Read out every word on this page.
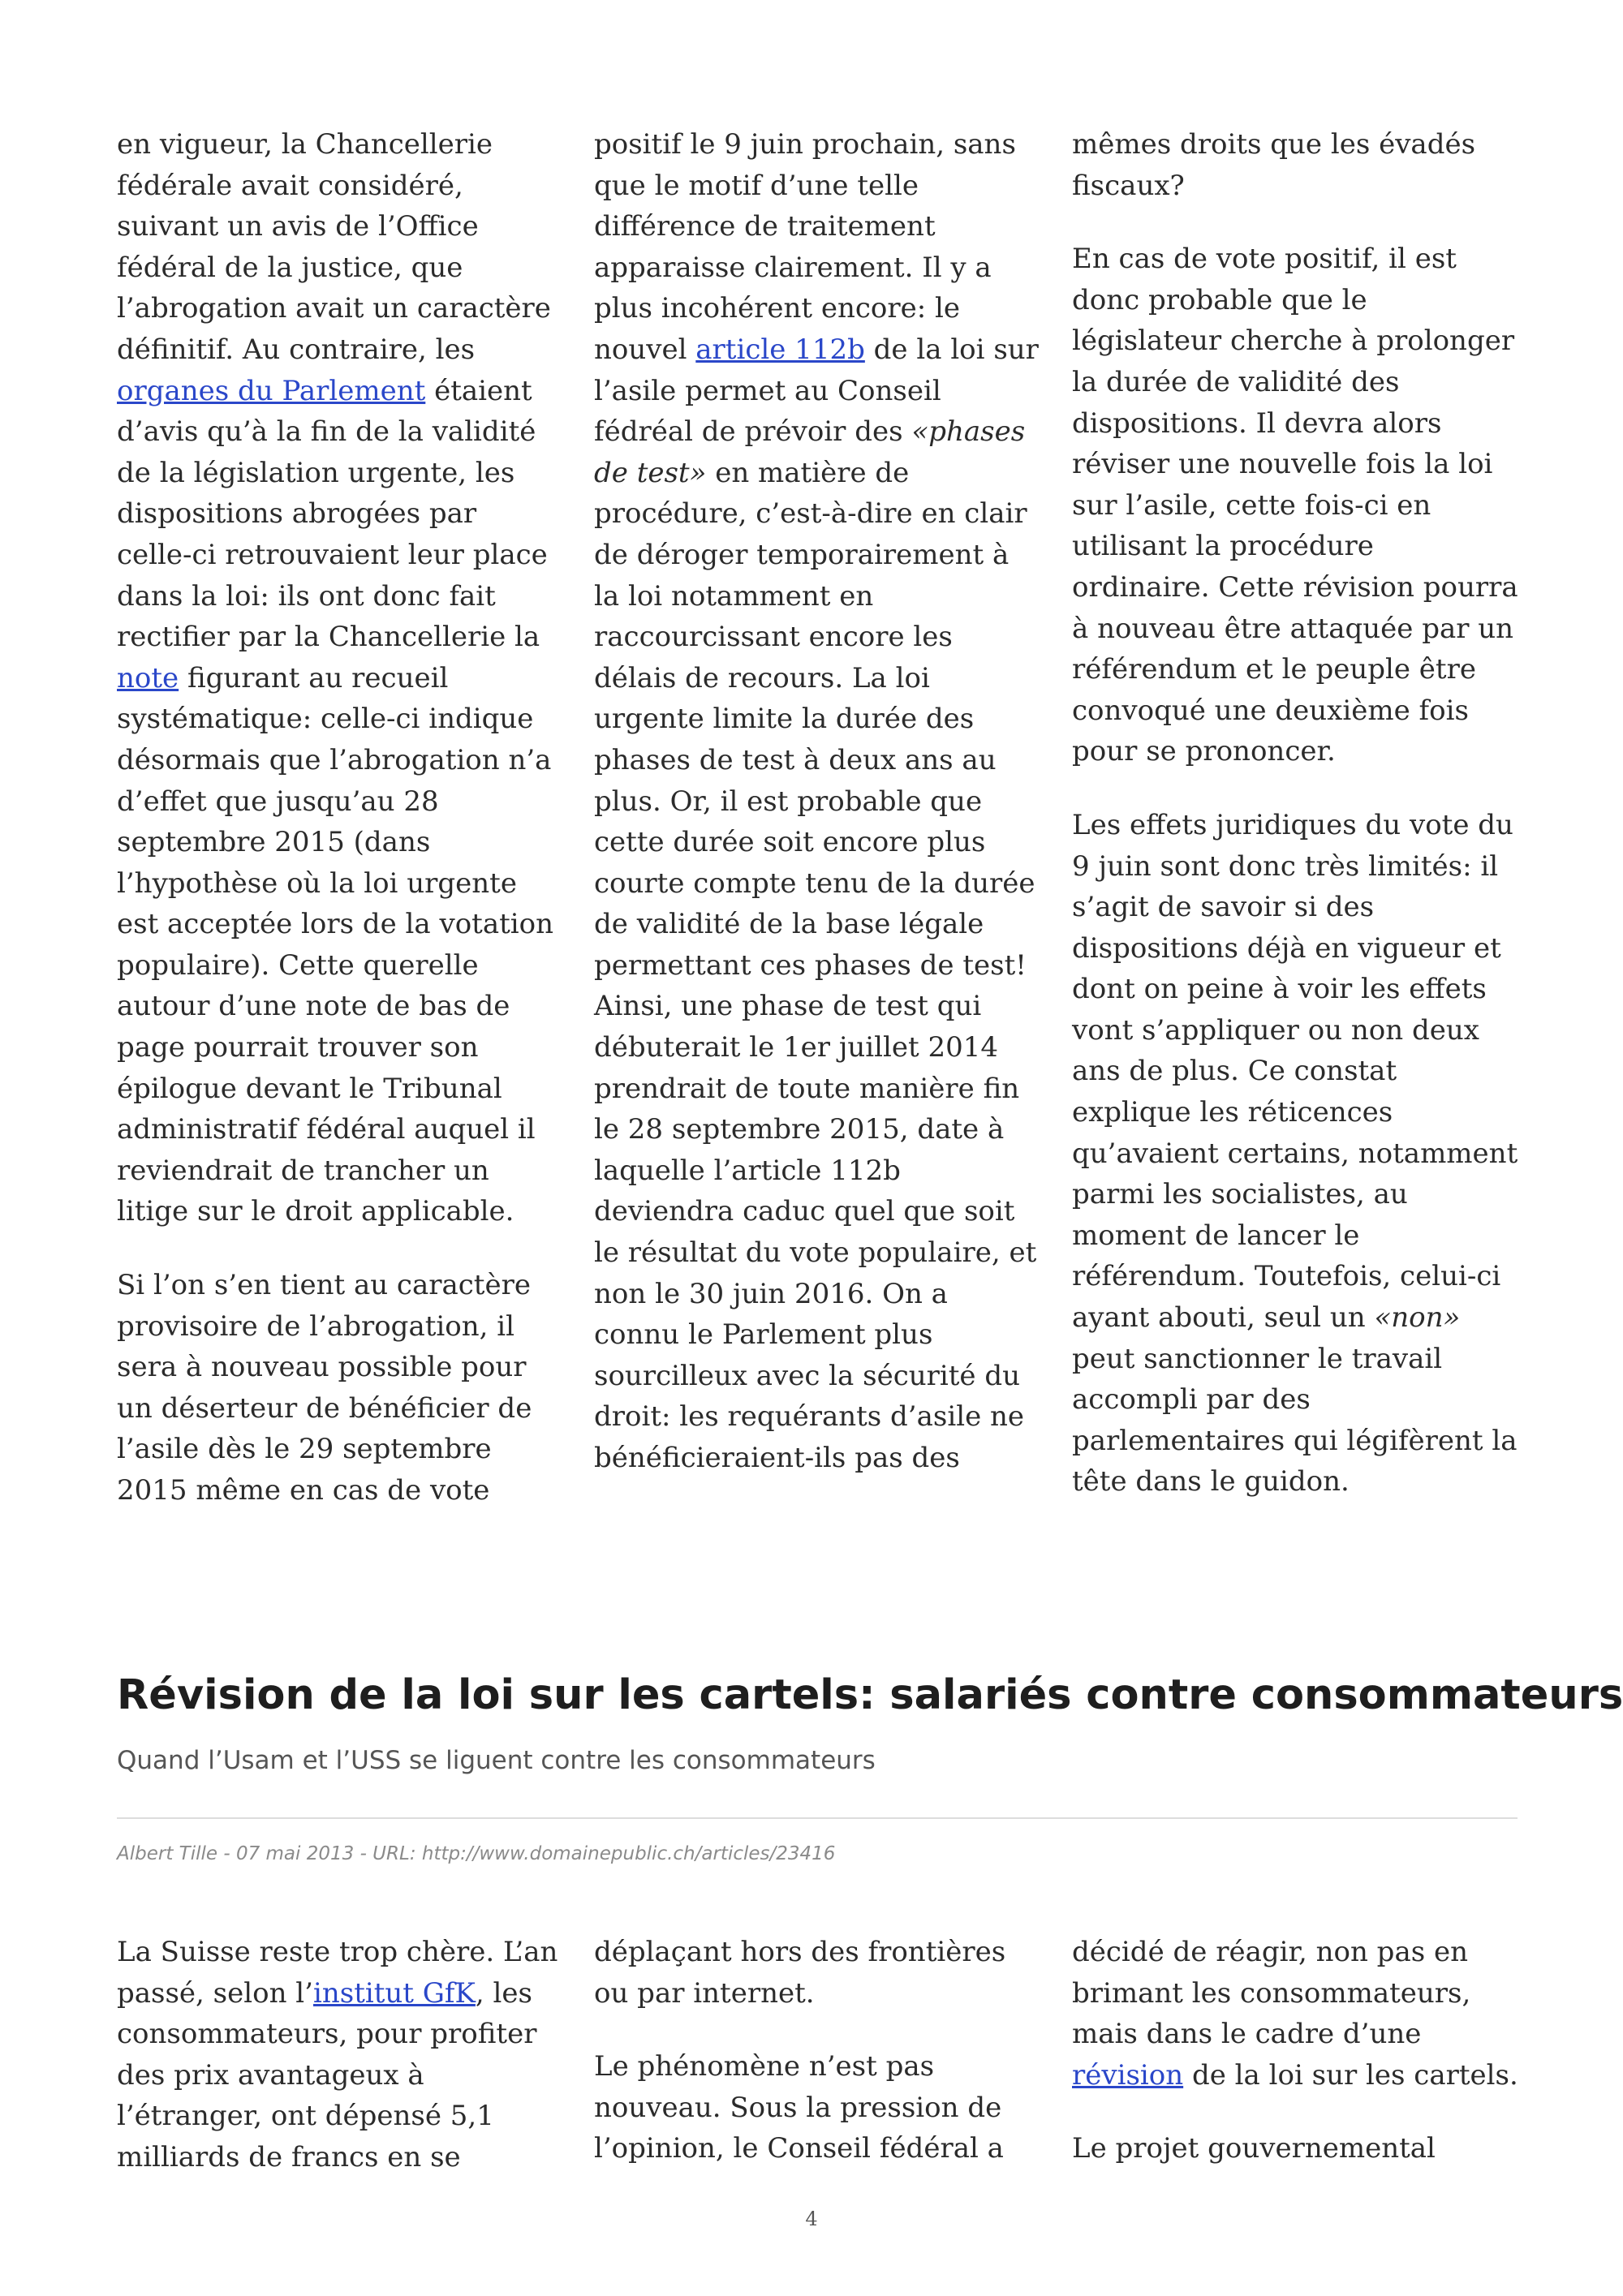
en vigueur, la Chancellerie
fédérale avait considéré,
suivant un avis de l’Office
fédéral de la justice, que
l’abrogation avait un caractère
définitif. Au contraire, les
organes du Parlement étaient
d’avis qu’à la fin de la validité
de la législation urgente, les
dispositions abrogées par
celle-ci retrouvaient leur place
dans la loi: ils ont donc fait
rectifier par la Chancellerie la
note figurant au recueil
systématique: celle-ci indique
désormais que l’abrogation n’a
d’effet que jusqu’au 28
septembre 2015 (dans
l’hypothèse où la loi urgente
est acceptée lors de la votation
populaire). Cette querelle
autour d’une note de bas de
page pourrait trouver son
épilogue devant le Tribunal
administratif fédéral auquel il
reviendrait de trancher un
litige sur le droit applicable.

Si l’on s’en tient au caractère
provisoire de l’abrogation, il
sera à nouveau possible pour
un déserteur de bénéficier de
l’asile dès le 29 septembre
2015 même en cas de vote

positif le 9 juin prochain, sans
que le motif d’une telle
différence de traitement
apparaisse clairement. Il y a
plus incohérent encore: le
nouvel article 112b de la loi sur
l’asile permet au Conseil
fédréal de prévoir des «phases
de test» en matière de
procédure, c’est-à-dire en clair
de déroger temporairement à
la loi notamment en
raccourcissant encore les
délais de recours. La loi
urgente limite la durée des
phases de test à deux ans au
plus. Or, il est probable que
cette durée soit encore plus
courte compte tenu de la durée
de validité de la base légale
permettant ces phases de test!
Ainsi, une phase de test qui
débuterait le 1er juillet 2014
prendrait de toute manière fin
le 28 septembre 2015, date à
laquelle l’article 112b
deviendra caduc quel que soit
le résultat du vote populaire, et
non le 30 juin 2016. On a
connu le Parlement plus
sourcilleux avec la sécurité du
droit: les requérants d’asile ne
bénéficieraient-ils pas des

mêmes droits que les évadés
fiscaux?

En cas de vote positif, il est
donc probable que le
législateur cherche à prolonger
la durée de validité des
dispositions. Il devra alors
réviser une nouvelle fois la loi
sur l’asile, cette fois-ci en
utilisant la procédure
ordinaire. Cette révision pourra
à nouveau être attaquée par un
référendum et le peuple être
convoqué une deuxième fois
pour se prononcer.

Les effets juridiques du vote du
9 juin sont donc très limités: il
s’agit de savoir si des
dispositions déjà en vigueur et
dont on peine à voir les effets
vont s’appliquer ou non deux
ans de plus. Ce constat
explique les réticences
qu’avaient certains, notamment
parmi les socialistes, au
moment de lancer le
référendum. Toutefois, celui-ci
ayant abouti, seul un «non»
peut sanctionner le travail
accompli par des
parlementaires qui légifèrent la
tête dans le guidon.

Révision de la loi sur les cartels: salariés contre consommateurs
Quand l’Usam et l’USS se liguent contre les consommateurs
Albert Tille - 07 mai 2013 - URL: http://www.domainepublic.ch/articles/23416

La Suisse reste trop chère. L’an
passé, selon l’institut GfK, les
consommateurs, pour profiter
des prix avantageux à
l’étranger, ont dépensé 5,1
milliards de francs en se

déplaçant hors des frontières
ou par internet.

Le phénomène n’est pas
nouveau. Sous la pression de
l’opinion, le Conseil fédéral a

décidé de réagir, non pas en
brimant les consommateurs,
mais dans le cadre d’une
révision de la loi sur les cartels.

Le projet gouvernemental

4
